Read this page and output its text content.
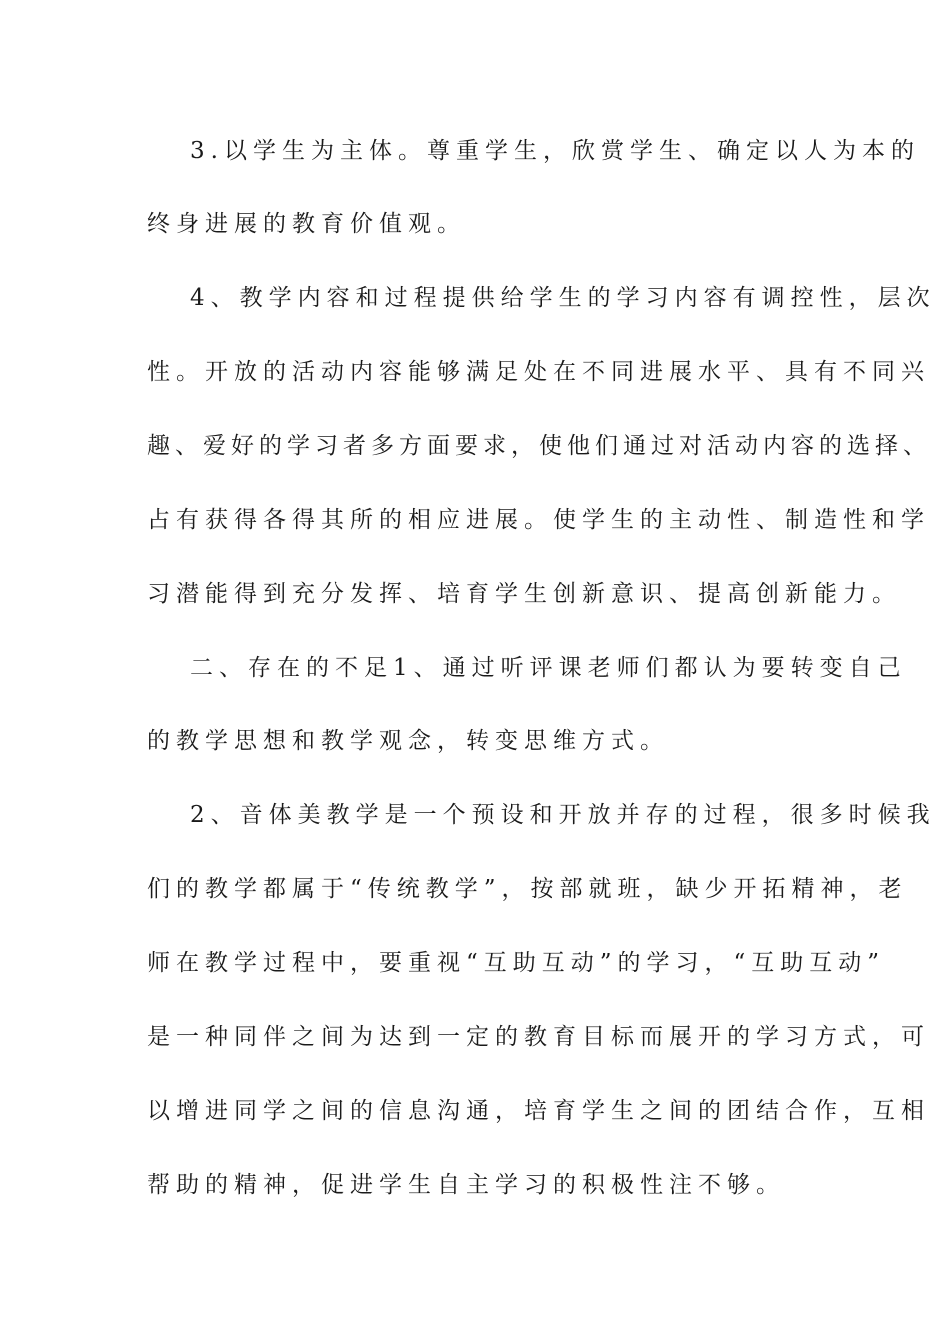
3.以学生为主体。尊重学生，欣赏学生、确定以人为本的
终身进展的教育价值观。
4、教学内容和过程提供给学生的学习内容有调控性，层次
性。开放的活动内容能够满足处在不同进展水平、具有不同兴
趣、爱好的学习者多方面要求，使他们通过对活动内容的选择、
占有获得各得其所的相应进展。使学生的主动性、制造性和学
习潜能得到充分发挥、培育学生创新意识、提高创新能力。
二、存在的不足1、通过听评课老师们都认为要转变自己
的教学思想和教学观念，转变思维方式。
2、音体美教学是一个预设和开放并存的过程，很多时候我
们的教学都属于“传统教学”，按部就班，缺少开拓精神，老
师在教学过程中，要重视“互助互动”的学习，“互助互动”
是一种同伴之间为达到一定的教育目标而展开的学习方式，可
以增进同学之间的信息沟通，培育学生之间的团结合作，互相
帮助的精神，促进学生自主学习的积极性注不够。
